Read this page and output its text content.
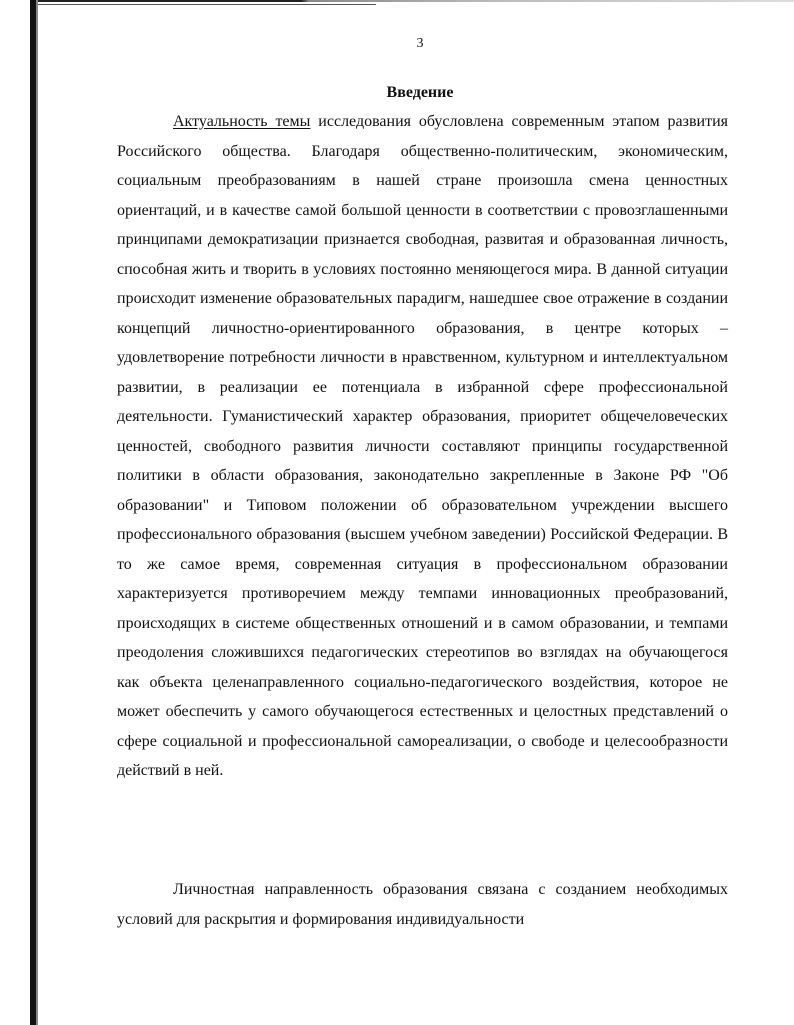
3
Введение

Актуальность темы исследования обусловлена современным этапом развития Российского общества. Благодаря общественно-политическим, экономическим, социальным преобразованиям в нашей стране произошла смена ценностных ориентаций, и в качестве самой большой ценности в соответствии с провозглашенными принципами демократизации признается свободная, развитая и образованная личность, способная жить и творить в условиях постоянно меняющегося мира. В данной ситуации происходит изменение образовательных парадигм, нашедшее свое отражение в создании концепций личностно-ориентированного образования, в центре которых – удовлетворение потребности личности в нравственном, культурном и интеллектуальном развитии, в реализации ее потенциала в избранной сфере профессиональной деятельности. Гуманистический характер образования, приоритет общечеловеческих ценностей, свободного развития личности составляют принципы государственной политики в области образования, законодательно закрепленные в Законе РФ "Об образовании" и Типовом положении об образовательном учреждении высшего профессионального образования (высшем учебном заведении) Российской Федерации. В то же самое время, современная ситуация в профессиональном образовании характеризуется противоречием между темпами инновационных преобразований, происходящих в системе общественных отношений и в самом образовании, и темпами преодоления сложившихся педагогических стереотипов во взглядах на обучающегося как объекта целенаправленного социально-педагогического воздействия, которое не может обеспечить у самого обучающегося естественных и целостных представлений о сфере социальной и профессиональной самореализации, о свободе и целесообразности действий в ней.

Личностная направленность образования связана с созданием необходимых условий для раскрытия и формирования индивидуальности
